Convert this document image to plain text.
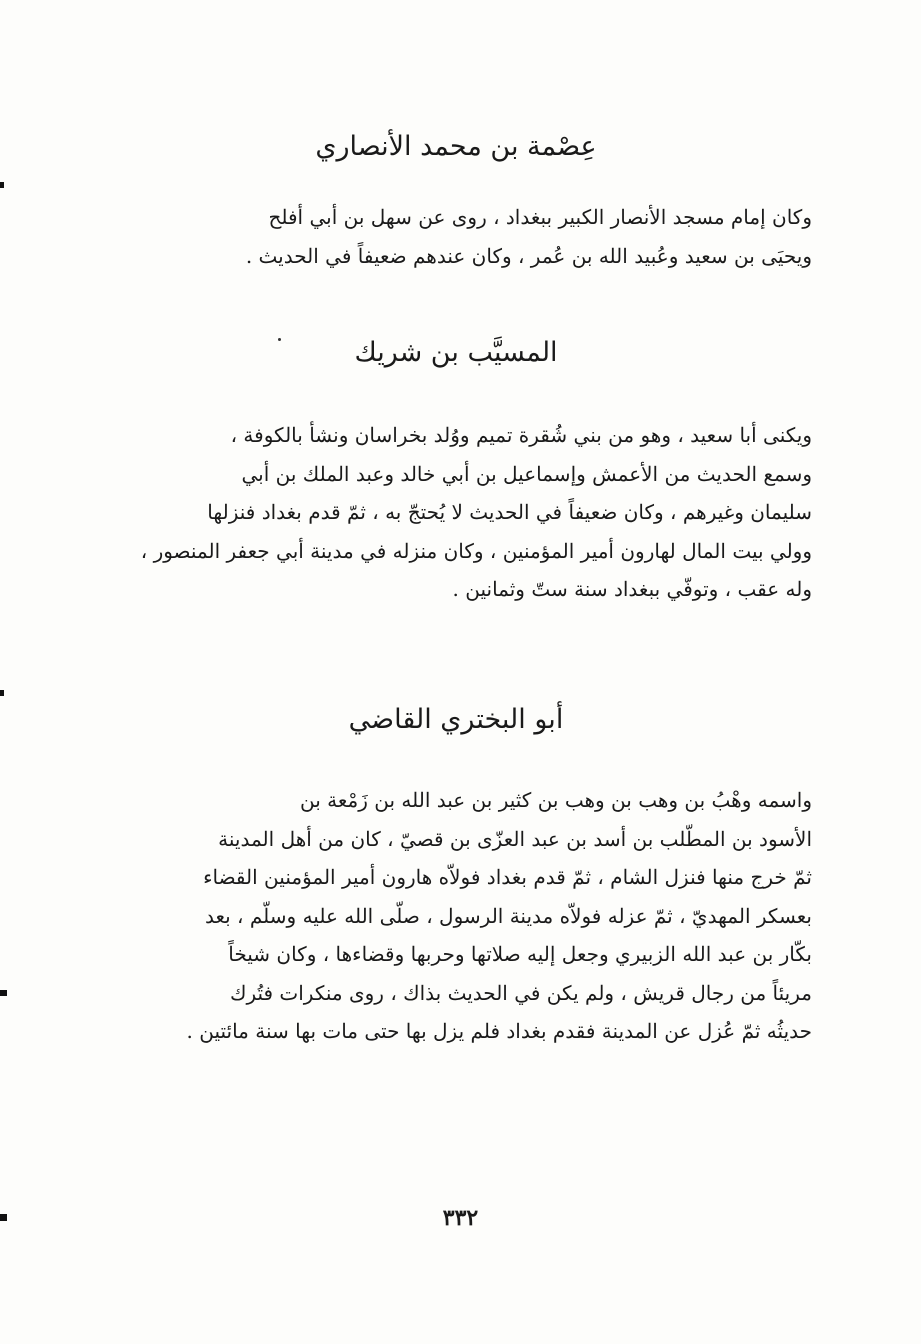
عِصْمة بن محمد الأنصاري

وكان إمام مسجد الأنصار الكبير ببغداد ، روى عن سهل بن أبي أفلح
ويحيَى بن سعيد وعُبيد الله بن عُمر ، وكان عندهم ضعيفاً في الحديث .

المسيَّب بن شريك

ويكنى أبا سعيد ، وهو من بني شُقرة تميم ووُلد بخراسان ونشأ بالكوفة ،
وسمع الحديث من الأعمش وإسماعيل بن أبي خالد وعبد الملك بن أبي
سليمان وغيرهم ، وكان ضعيفاً في الحديث لا يُحتجّ به ، ثمّ قدم بغداد فنزلها
وولي بيت المال لهارون أمير المؤمنين ، وكان منزله في مدينة أبي جعفر المنصور ،
وله عقب ، وتوفّي ببغداد سنة ستّ وثمانين .

أبو البختري القاضي

واسمه وهْبُ بن وهب بن وهب بن كثير بن عبد الله بن زَمْعة بن
الأسود بن المطّلب بن أسد بن عبد العزّى بن قصيّ ، كان من أهل المدينة
ثمّ خرج منها فنزل الشام ، ثمّ قدم بغداد فولاّه هارون أمير المؤمنين القضاء
بعسكر المهديّ ، ثمّ عزله فولاّه مدينة الرسول ، صلّى الله عليه وسلّم ، بعد
بكّار بن عبد الله الزبيري وجعل إليه صلاتها وحربها وقضاءها ، وكان شيخاً
مريئاً من رجال قريش ، ولم يكن في الحديث بذاك ، روى منكرات فتُرك
حديثُه ثمّ عُزل عن المدينة فقدم بغداد فلم يزل بها حتى مات بها سنة مائتين .

٣٣٢
